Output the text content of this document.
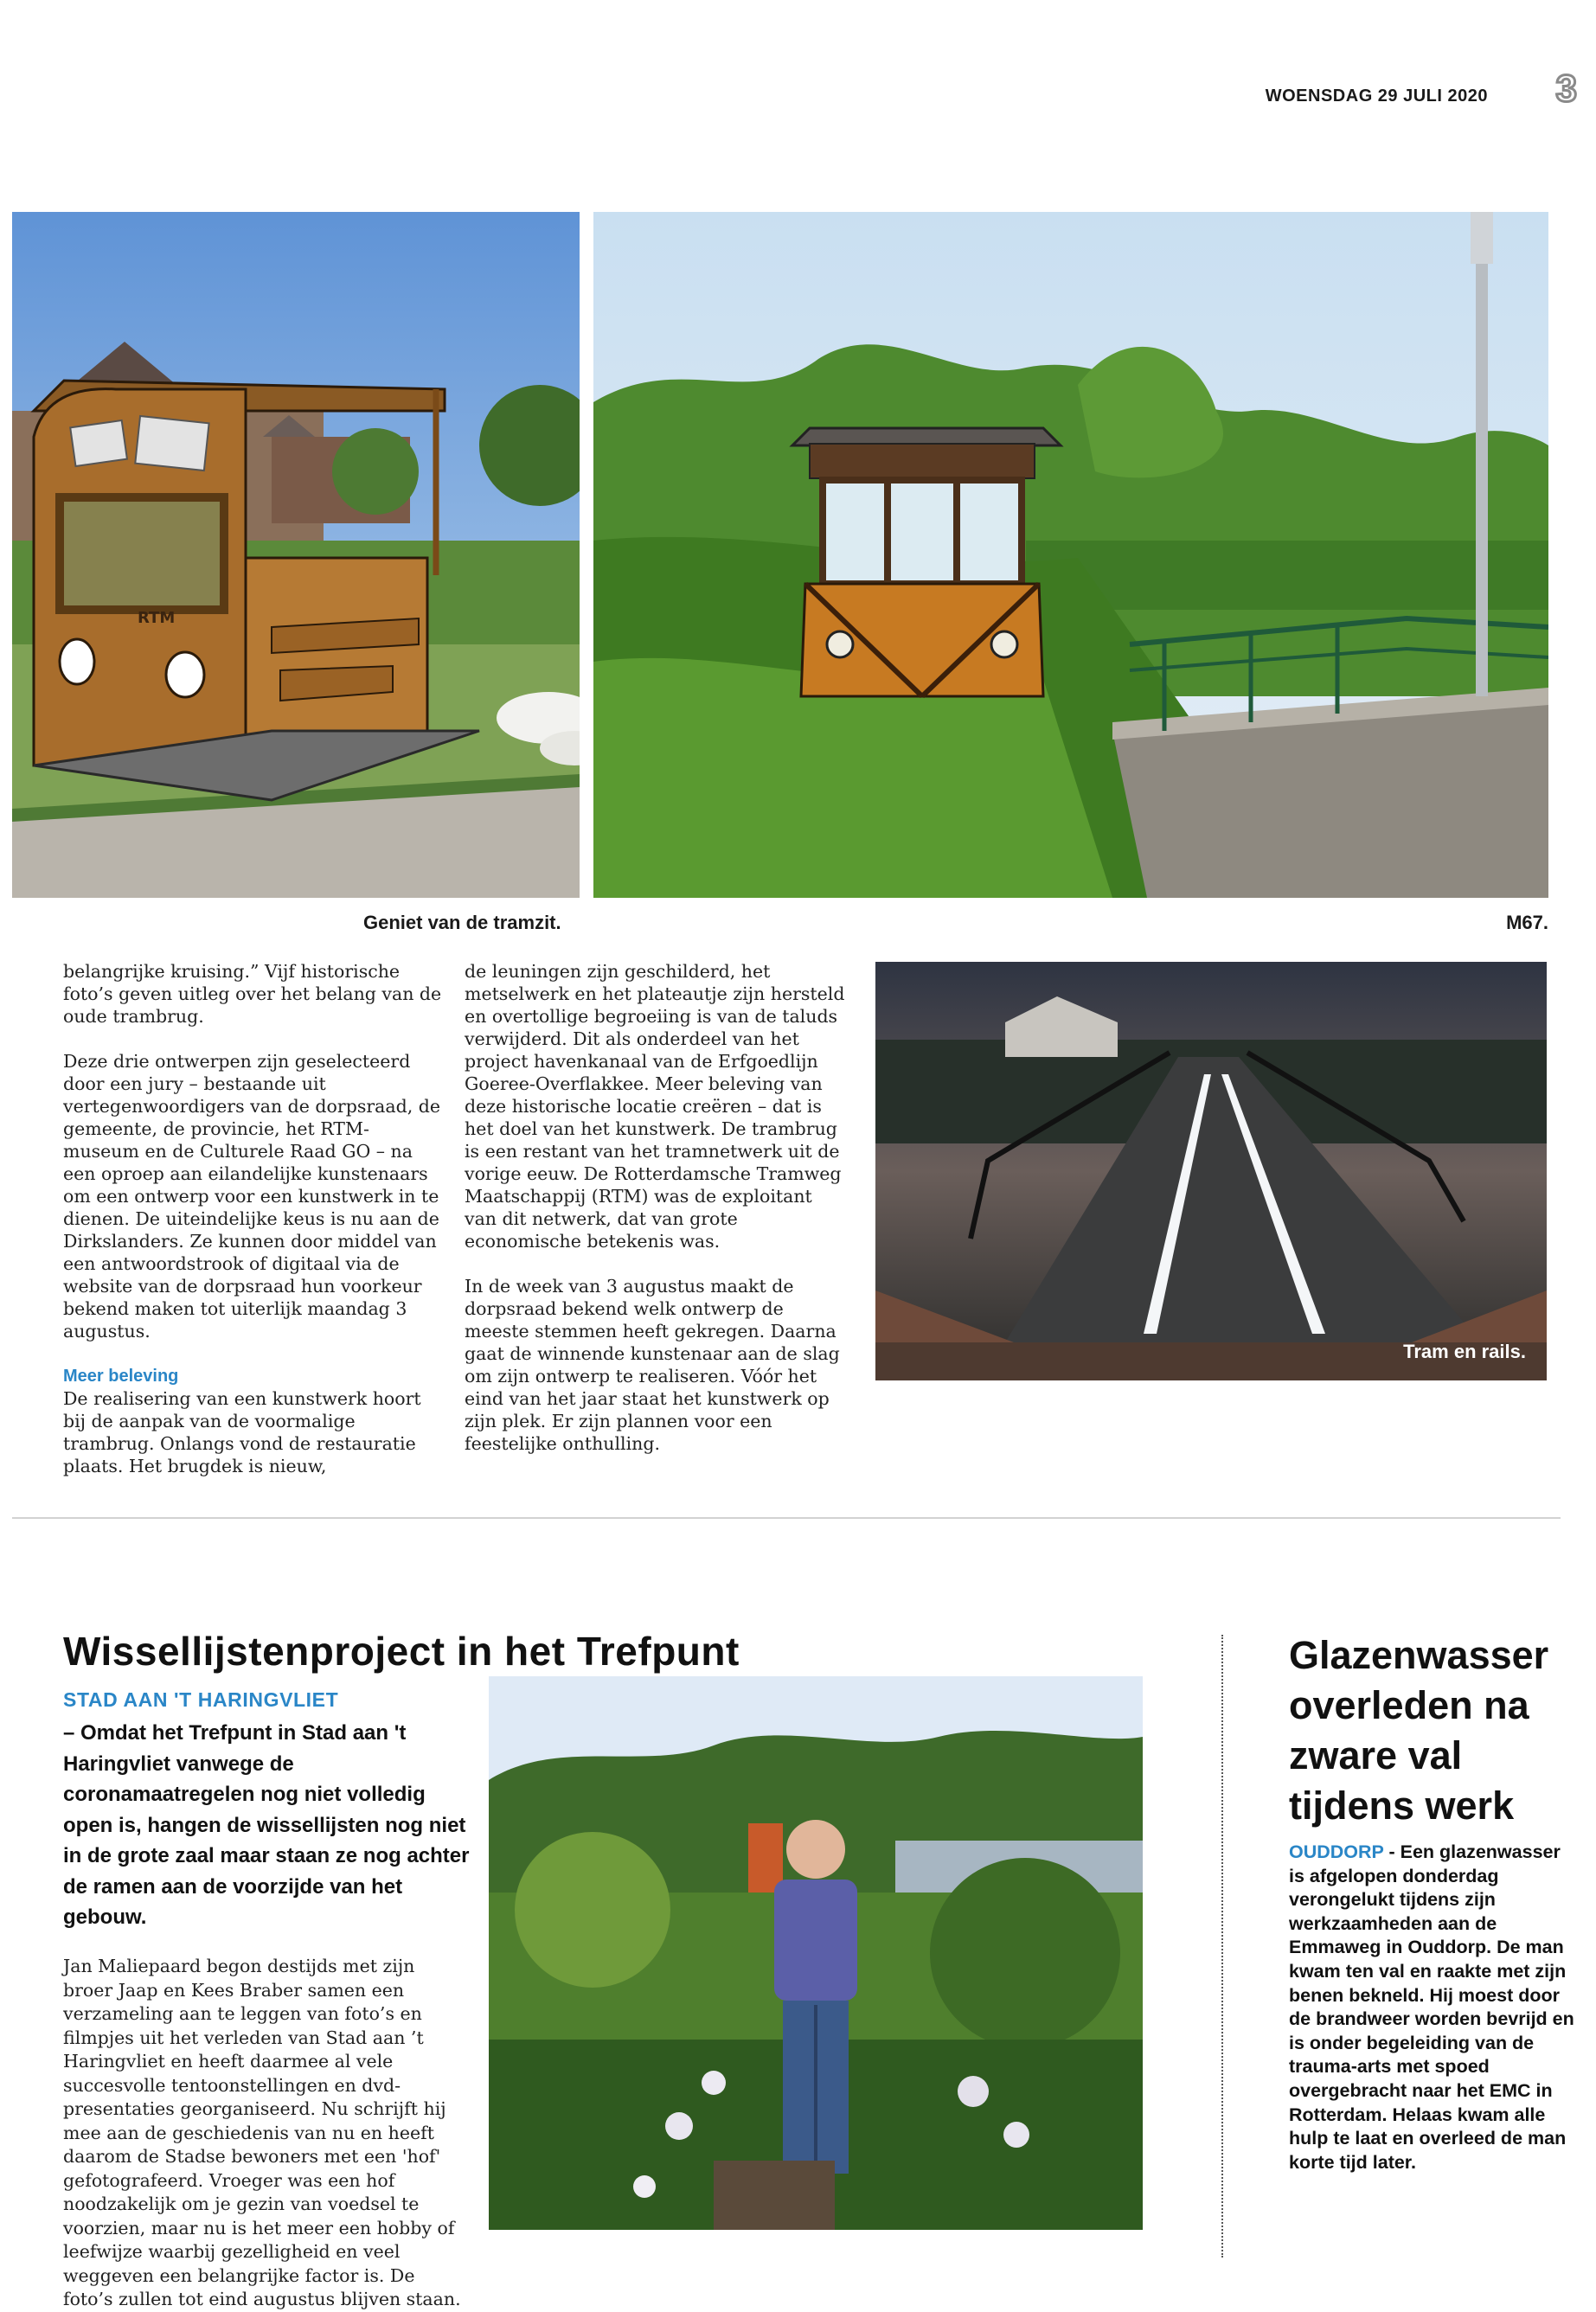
WOENSDAG 29 JULI 2020 3
RTM
Geniet van de tramzit.	M67.

belangrijke kruising.” Vijf historische foto’s geven uitleg over het belang van de oude trambrug.

Deze drie ontwerpen zijn geselecteerd door een jury – bestaande uit vertegenwoordigers van de dorpsraad, de gemeente, de provincie, het RTM-museum en de Culturele Raad GO – na een oproep aan eilandelijke kunstenaars om een ontwerp voor een kunstwerk in te dienen. De uiteindelijke keus is nu aan de Dirkslanders. Ze kunnen door middel van een antwoordstrook of digitaal via de website van de dorpsraad hun voorkeur bekend maken tot uiterlijk maandag 3 augustus.

Meer beleving

De realisering van een kunstwerk hoort bij de aanpak van de voormalige trambrug. Onlangs vond de restauratie plaats. Het brugdek is nieuw,

de leuningen zijn geschilderd, het metselwerk en het plateautje zijn hersteld en overtollige begroeiing is van de taluds verwijderd. Dit als onderdeel van het project havenkanaal van de Erfgoedlijn Goeree-Overflakkee. Meer beleving van deze historische locatie creëren – dat is het doel van het kunstwerk. De trambrug is een restant van het tramnetwerk uit de vorige eeuw. De Rotterdamsche Tramweg Maatschappij (RTM) was de exploitant van dit netwerk, dat van grote economische betekenis was.

In de week van 3 augustus maakt de dorpsraad bekend welk ontwerp de meeste stemmen heeft gekregen. Daarna gaat de winnende kunstenaar aan de slag om zijn ontwerp te realiseren. Vóór het eind van het jaar staat het kunstwerk op zijn plek. Er zijn plannen voor een feestelijke onthulling.

Tram en rails.
Wissellijstenproject in het Trefpunt
STAD AAN 'T HARINGVLIET
– Omdat het Trefpunt in Stad aan 't Haringvliet vanwege de coronamaatregelen nog niet volledig open is, hangen de wissellijsten nog niet in de grote zaal maar staan ze nog achter de ramen aan de voorzijde van het gebouw.
Jan Maliepaard begon destijds met zijn broer Jaap en Kees Braber samen een verzameling aan te leggen van foto’s en filmpjes uit het verleden van Stad aan ’t Haringvliet en heeft daarmee al vele succesvolle tentoonstellingen en dvd-presentaties georganiseerd. Nu schrijft hij mee aan de geschiedenis van nu en heeft daarom de Stadse bewoners met een 'hof' gefotografeerd. Vroeger was een hof noodzakelijk om je gezin van voedsel te voorzien, maar nu is het meer een hobby of leefwijze waarbij gezelligheid en veel weggeven een belangrijke factor is. De foto’s zullen tot eind augustus blijven staan.
Glazenwasser overleden na zware val tijdens werk
OUDDORP - Een glazenwasser is afgelopen donderdag verongelukt tijdens zijn werkzaamheden aan de Emmaweg in Ouddorp. De man kwam ten val en raakte met zijn benen bekneld. Hij moest door de brandweer worden bevrijd en is onder begeleiding van de trauma-arts met spoed overgebracht naar het EMC in Rotterdam. Helaas kwam alle hulp te laat en overleed de man korte tijd later.
